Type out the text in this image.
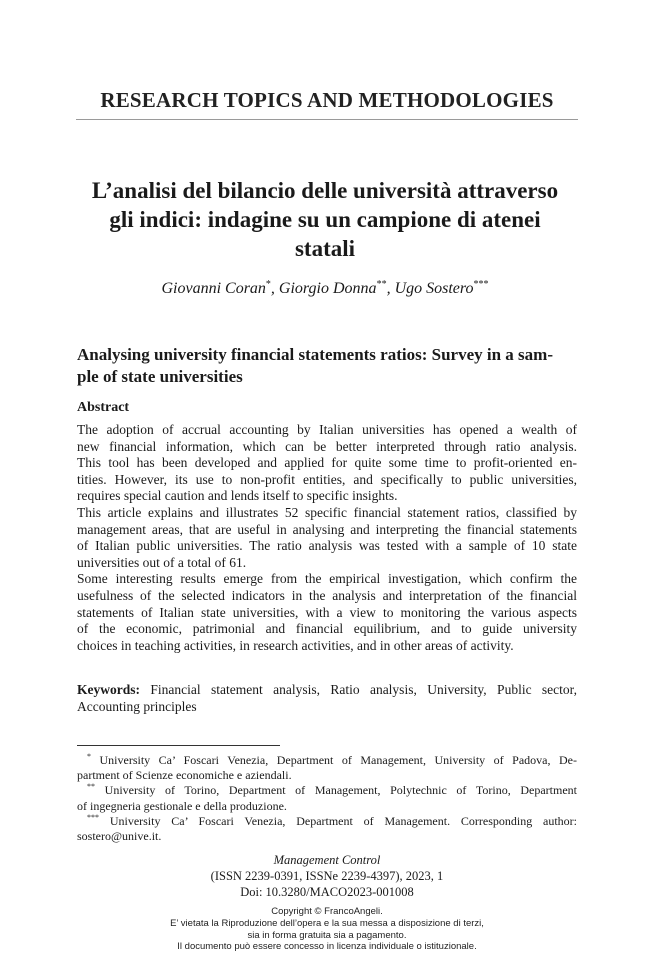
RESEARCH TOPICS AND METHODOLOGIES
L’analisi del bilancio delle università attraverso
gli indici: indagine su un campione di atenei
statali
Giovanni Coran*, Giorgio Donna**, Ugo Sostero***
Analysing university financial statements ratios: Survey in a sam-
ple of state universities
Abstract
The adoption of accrual accounting by Italian universities has opened a wealth of
new financial information, which can be better interpreted through ratio analysis.
This tool has been developed and applied for quite some time to profit-oriented en-
tities. However, its use to non-profit entities, and specifically to public universities,
requires special caution and lends itself to specific insights.
This article explains and illustrates 52 specific financial statement ratios, classified by
management areas, that are useful in analysing and interpreting the financial statements
of Italian public universities. The ratio analysis was tested with a sample of 10 state
universities out of a total of 61.
Some interesting results emerge from the empirical investigation, which confirm the
usefulness of the selected indicators in the analysis and interpretation of the financial
statements of Italian state universities, with a view to monitoring the various aspects
of the economic, patrimonial and financial equilibrium, and to guide university
choices in teaching activities, in research activities, and in other areas of activity.
Keywords: Financial statement analysis, Ratio analysis, University, Public sector,
Accounting principles
* University Ca’ Foscari Venezia, Department of Management, University of Padova, De-
partment of Scienze economiche e aziendali.
** University of Torino, Department of Management, Polytechnic of Torino, Department
of ingegneria gestionale e della produzione.
*** University Ca’ Foscari Venezia, Department of Management. Corresponding author:
sostero@unive.it.
Management Control
(ISSN 2239-0391, ISSNe 2239-4397), 2023, 1
Doi: 10.3280/MACO2023-001008
Copyright © FrancoAngeli.
E’ vietata la Riproduzione dell’opera e la sua messa a disposizione di terzi,
sia in forma gratuita sia a pagamento.
Il documento può essere concesso in licenza individuale o istituzionale.
